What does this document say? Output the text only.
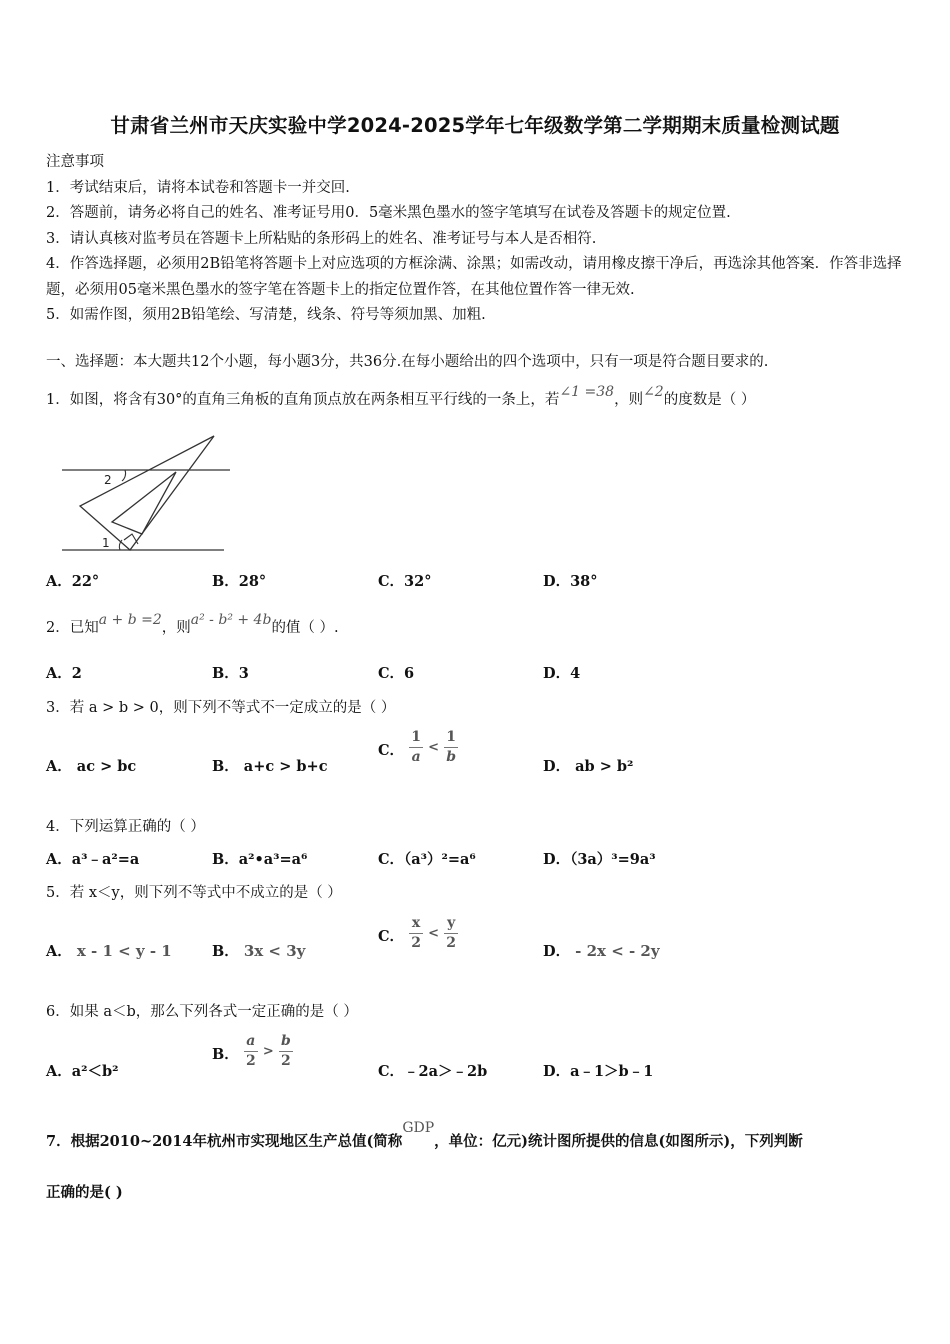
甘肃省兰州市天庆实验中学2024-2025学年七年级数学第二学期期末质量检测试题
注意事项
1．考试结束后，请将本试卷和答题卡一并交回.
2．答题前，请务必将自己的姓名、准考证号用0．5毫米黑色墨水的签字笔填写在试卷及答题卡的规定位置.
3．请认真核对监考员在答题卡上所粘贴的条形码上的姓名、准考证号与本人是否相符.
4．作答选择题，必须用2B铅笔将答题卡上对应选项的方框涂满、涂黑；如需改动，请用橡皮擦干净后，再选涂其他答案．作答非选择题，必须用05毫米黑色墨水的签字笔在答题卡上的指定位置作答，在其他位置作答一律无效.
5．如需作图，须用2B铅笔绘、写清楚，线条、符号等须加黑、加粗.
一、选择题：本大题共12个小题，每小题3分，共36分.在每小题给出的四个选项中，只有一项是符合题目要求的.
1．如图，将含有30°的直角三角板的直角顶点放在两条相互平行线的一条上，若∠1 =38，则∠2的度数是（ ）
2
1
A．22°	B．28°	C．32°	D．38°
2．已知a + b =2，则a² - b² + 4b的值（ ）.
A．2	B．3	C．6	D．4
3．若 a > b > 0，则下列不等式不一定成立的是（ ）
A． ac > bc	B． a+c > b+c
C． $\frac{1}{a} < \frac{1}{b}$
D． ab > b²
4．下列运算正确的（ ）
A．a³﹣a²=a	B．a²•a³=a⁶	C．（a³）²=a⁶	D．（3a）³=9a³
5．若 x＜y，则下列不等式中不成立的是（ ）
A． x - 1 < y - 1	B． 3x < 3y
C． $\frac{x}{2} < \frac{y}{2}$
D． - 2x < - 2y
6．如果 a＜b，那么下列各式一定正确的是（ ）
A．a²＜b²
B． $\frac{a}{2} > \frac{b}{2}$
C．﹣2a＞﹣2b	D．a﹣1＞b﹣1
7．根据2010~2014年杭州市实现地区生产总值(简称GDP，单位：亿元)统计图所提供的信息(如图所示)，下列判断
正确的是( )
